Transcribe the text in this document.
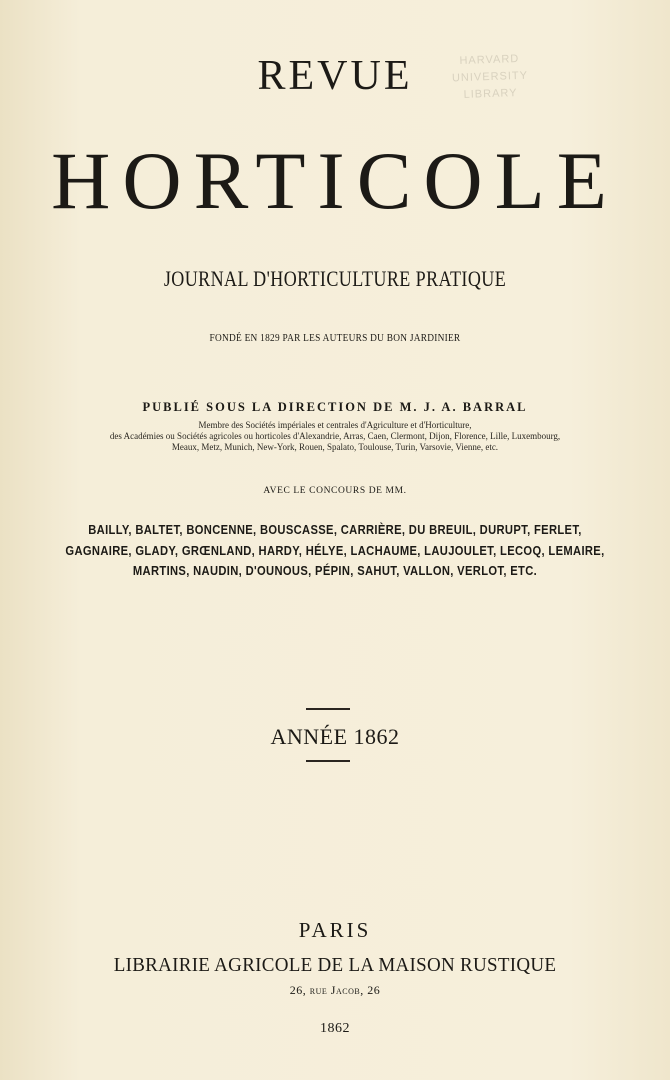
HARVARD
UNIVERSITY
LIBRARY
REVUE
HORTICOLE
JOURNAL D'HORTICULTURE PRATIQUE
FONDÉ EN 1829 PAR LES AUTEURS DU BON JARDINIER
PUBLIÉ SOUS LA DIRECTION DE M. J. A. BARRAL
Membre des Sociétés impériales et centrales d'Agriculture et d'Horticulture,
des Académies ou Sociétés agricoles ou horticoles d'Alexandrie, Arras, Caen, Clermont, Dijon, Florence, Lille, Luxembourg,
Meaux, Metz, Munich, New-York, Rouen, Spalato, Toulouse, Turin, Varsovie, Vienne, etc.
AVEC LE CONCOURS DE MM.
BAILLY, BALTET, BONCENNE, BOUSCASSE, CARRIÈRE, DU BREUIL, DURUPT, FERLET,
GAGNAIRE, GLADY, GRŒNLAND, HARDY, HÉLYE, LACHAUME, LAUJOULET, LECOQ, LEMAIRE,
MARTINS, NAUDIN, D'OUNOUS, PÉPIN, SAHUT, VALLON, VERLOT, ETC.
ANNÉE 1862
PARIS
LIBRAIRIE AGRICOLE DE LA MAISON RUSTIQUE
26, rue Jacob, 26
1862
